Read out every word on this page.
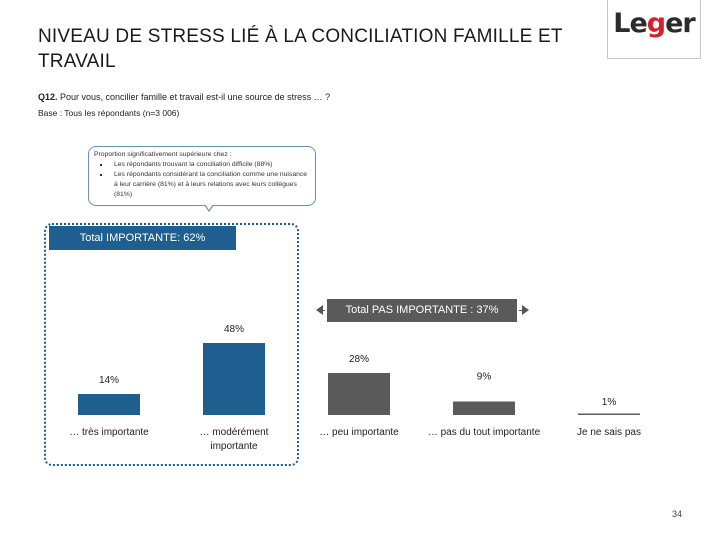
NIVEAU DE STRESS LIÉ À LA CONCILIATION FAMILLE ET TRAVAIL
Leger
Q12. Pour vous, concilier famille et travail est-il une source de stress … ?
Base : Tous les répondants (n=3 006)
Proportion significativement supérieure chez :
▪ Les répondants trouvant la conciliation difficile (88%)
▪ Les répondants considérant la conciliation comme une nuisance à leur carrière (81%) et à leurs relations avec leurs collègues (81%)
Total IMPORTANTE: 62%
Total PAS IMPORTANTE : 37%
14%
… très importante
48%
… modérément
importante
28%
… peu importante
9%
… pas du tout importante
1%
Je ne sais pas
34
